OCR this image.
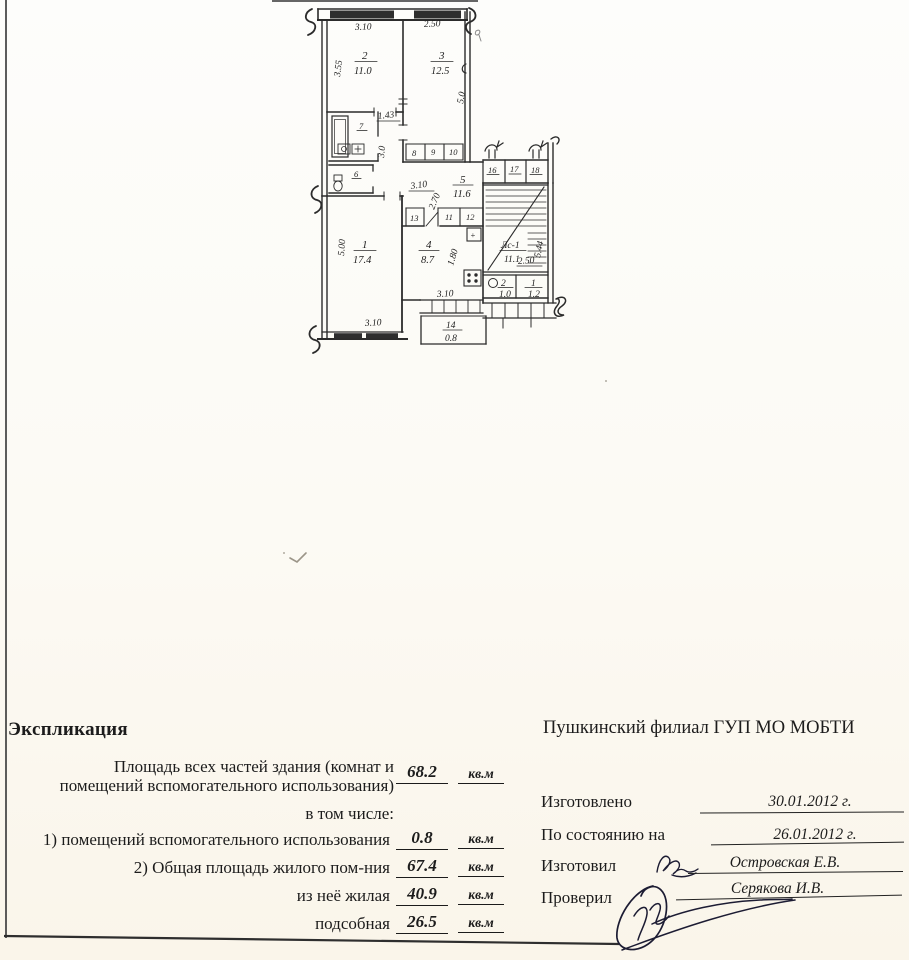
3.10	2.50
3.55
5.0
1.43
3.0
3.10
2.70
5.00
3.10
1.80
3.10
5.44
2.50
2
11.0
3
12.5
1
17.4
4
8.7
5
11.6
Лс-1
11.1
14
0.8
2
1.0
1
1.2
7
6
8 9 10
13	11 12
16 17 18
+
Экспликация
Площадь всех частей здания (комнат и
помещений вспомогательного использования)
68.2	кв.м
в том числе:
1) помещений вспомогательного использования	0.8	кв.м
2) Общая площадь жилого пом-ния	67.4	кв.м
из неё жилая	40.9	кв.м
подсобная	26.5	кв.м
Пушкинский филиал ГУП МО МОБТИ
Изготовлено	30.01.2012 г.
По состоянию на	26.01.2012 г.
Изготовил	Островская Е.В.
Проверил	Серякова И.В.
